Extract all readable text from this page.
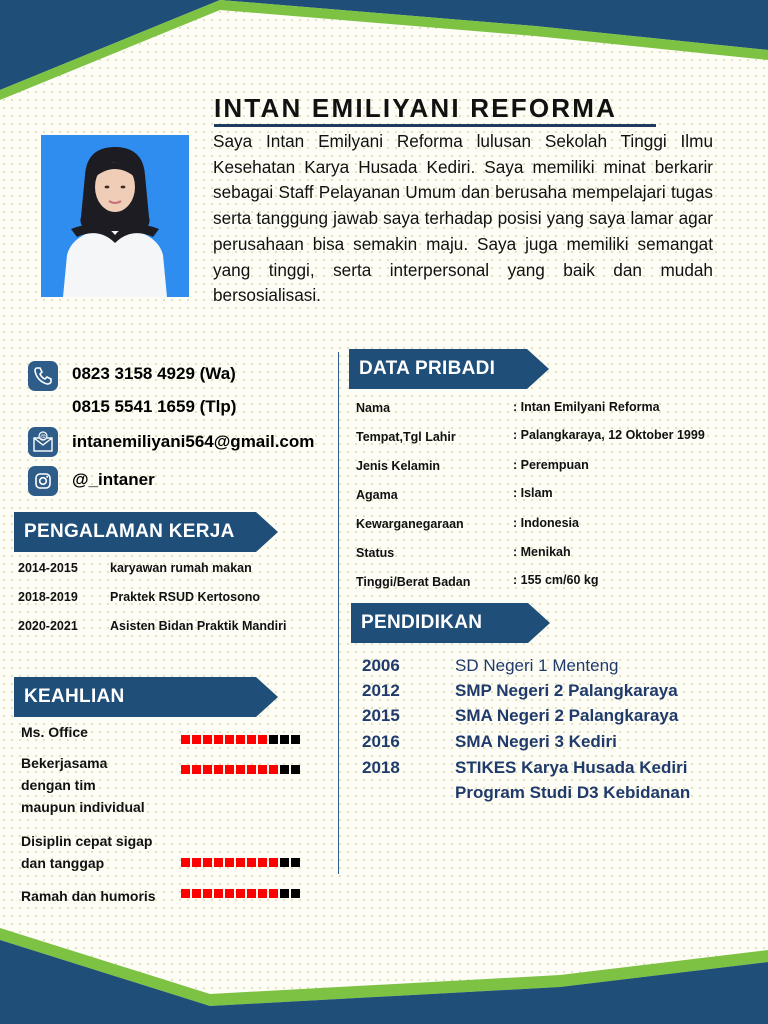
INTAN EMILIYANI REFORMA

Saya Intan Emilyani Reforma lulusan Sekolah Tinggi Ilmu Kesehatan Karya Husada Kediri. Saya memiliki minat berkarir sebagai Staff Pelayanan Umum dan berusaha mempelajari tugas serta tanggung jawab saya terhadap posisi yang saya lamar agar perusahaan bisa semakin maju. Saya juga memiliki semangat yang tinggi, serta interpersonal yang baik dan mudah bersosialisasi.

0823 3158 4929 (Wa)
0815 5541 1659 (Tlp)
@ intanemiliyani564@gmail.com
@_intaner
PENGALAMAN KERJA
KEAHLIAN
DATA PRIBADI
PENDIDIKAN
2014-2015	karyawan rumah makan
2018-2019	Praktek RSUD Kertosono
2020-2021	Asisten Bidan Praktik Mandiri
Ms. Office
Bekerjasama
dengan tim
maupun individual
Disiplin cepat sigap
dan tanggap
Ramah dan humoris
Nama	: Intan Emilyani Reforma
Tempat,Tgl Lahir	: Palangkaraya, 12 Oktober 1999
Jenis Kelamin	: Perempuan
Agama	: Islam
Kewarganegaraan	: Indonesia
Status	: Menikah
Tinggi/Berat Badan	: 155 cm/60 kg
2006	SD Negeri 1 Menteng
2012	SMP Negeri 2 Palangkaraya
2015	SMA Negeri 2 Palangkaraya
2016	SMA Negeri 3 Kediri
2018	STIKES Karya Husada Kediri
Program Studi D3 Kebidanan
